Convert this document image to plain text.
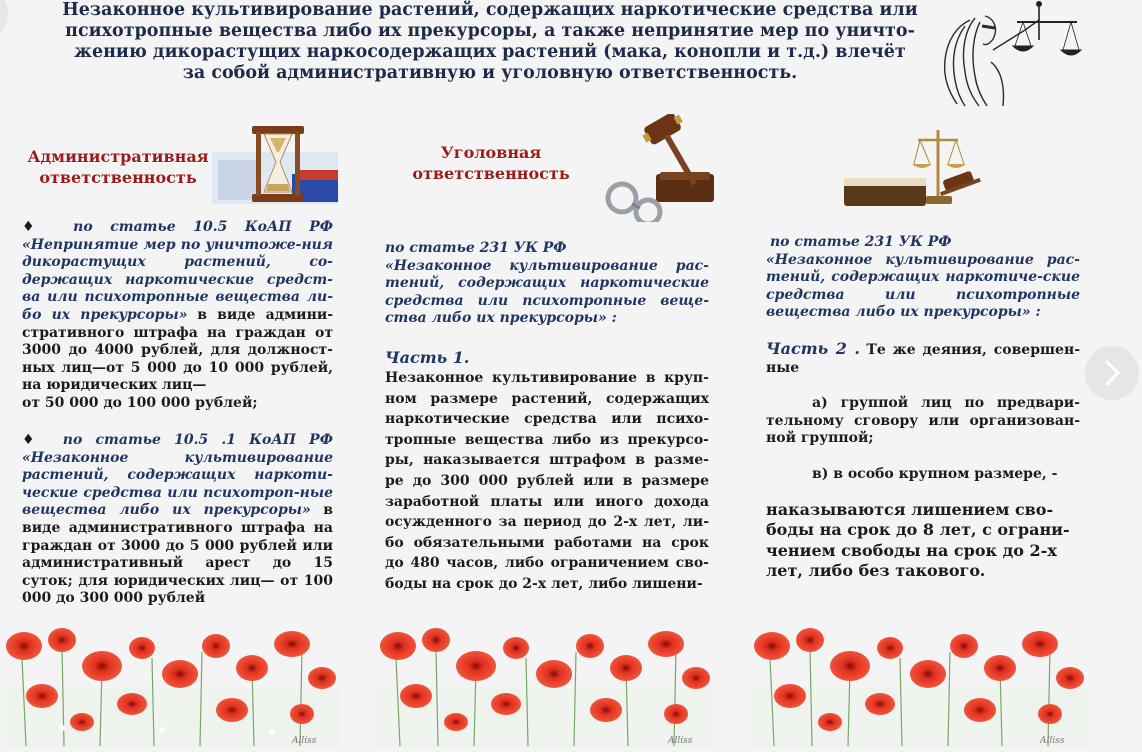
Незаконное культивирование растений, содержащих наркотические средства или
психотропные вещества либо их прекурсоры, а также непринятие мер по уничто-
жению дикорастущих наркосодержащих растений (мака, конопли и т.д.) влечёт
за собой административную и уголовную ответственность.
Административная
ответственность
♦	по статье 10.5 КоАП РФ «Непринятие мер по уничтоже-ния дикорастущих растений, со-держащих наркотические средст-ва или психотропные вещества ли-бо их прекурсоры» в виде админи-стративного штрафа на граждан от 3000 до 4000 рублей, для должност-ных лиц—от 5 000 до 10 000 рублей, на юридических лиц—
от 50 000 до 100 000 рублей;
♦ по статье 10.5 .1 КоАП РФ «Незаконное культивирование растений, содержащих наркоти-ческие средства или психотроп-ные вещества либо их прекурсоры» в виде административного штрафа на граждан от 3000 до 5 000 рублей или административный арест до 15 суток; для юридических лиц— от 100 000 до 300 000 рублей
Уголовная
ответственность
по статье 231 УК РФ
«Незаконное культивирование рас-тений, содержащих наркотические средства или психотропные веще-ства либо их прекурсоры» :
Часть 1.
Незаконное культивирование в круп-ном размере растений, содержащих наркотические средства или психо-тропные вещества либо из прекурсо-ры, наказывается штрафом в разме-ре до 300 000 рублей или в размере заработной платы или иного дохода осужденного за период до 2-х лет, ли-бо обязательными работами на срок до 480 часов, либо ограничением сво-боды на срок до 2-х лет, либо лишени-
по статье 231 УК РФ
«Незаконное культивирование рас-тений, содержащих наркотиче-ские средства или психотропные вещества либо их прекурсоры» :
Часть 2 . Те же деяния, совершен-ные
а) группой лиц по предвари-тельному сговору или организован-ной группой;
в) в особо крупном размере, -
наказываются лишением сво-боды на срок до 8 лет, с ограни-чением свободы на срок до 2-х лет, либо без таковогo.
Alliss	Alliss	Alliss
